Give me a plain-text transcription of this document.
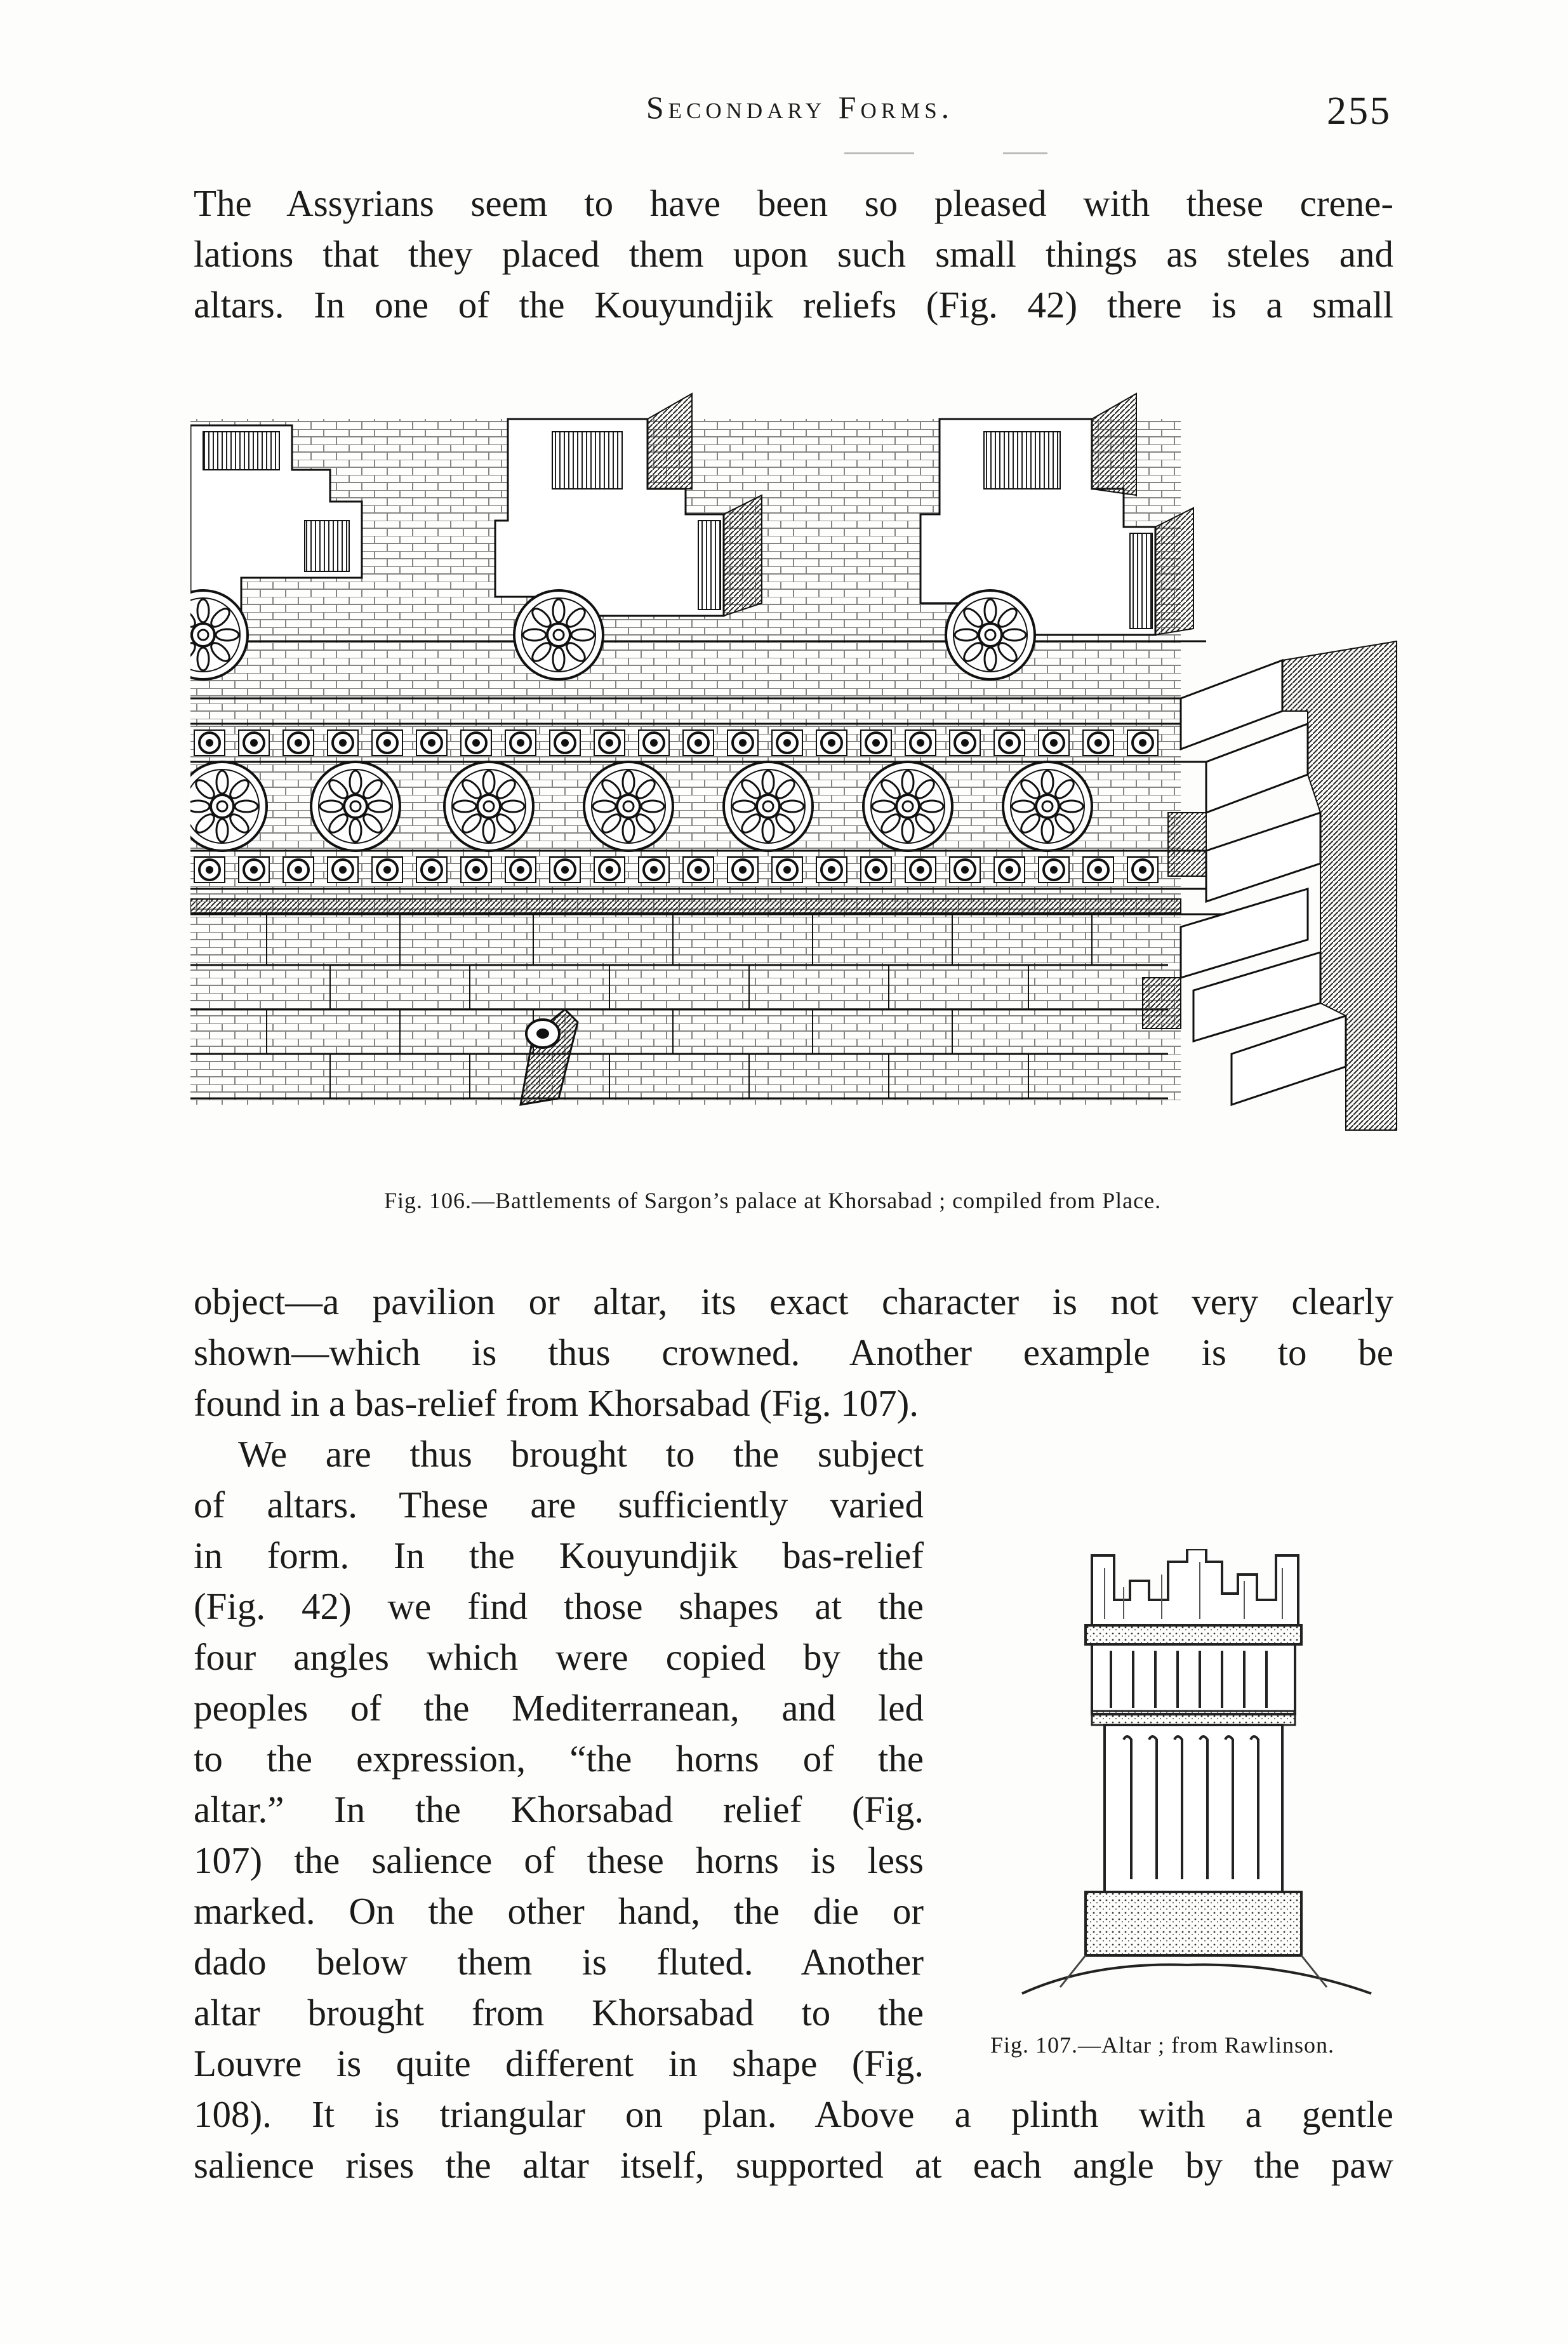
Secondary Forms.	255
The Assyrians seem to have been so pleased with these crene-
lations that they placed them upon such small things as steles and
altars. In one of the Kouyundjik reliefs (Fig. 42) there is a small
Fig. 106.—Battlements of Sargon’s palace at Khorsabad ; compiled from Place.
object—a pavilion or altar, its exact character is not very clearly
shown—which is thus crowned. Another example is to be
found in a bas-relief from Khorsabad (Fig. 107).
We are thus brought to the subject
of altars. These are sufficiently varied
in form. In the Kouyundjik bas-relief
(Fig. 42) we find those shapes at the
four angles which were copied by the
peoples of the Mediterranean, and led
to the expression, “the horns of the
altar.” In the Khorsabad relief (Fig.
107) the salience of these horns is less
marked. On the other hand, the die or
dado below them is fluted. Another
altar brought from Khorsabad to the
Louvre is quite different in shape (Fig.
108). It is triangular on plan. Above a plinth with a gentle
salience rises the altar itself, supported at each angle by the paw
Fig. 107.—Altar ; from Rawlinson.
